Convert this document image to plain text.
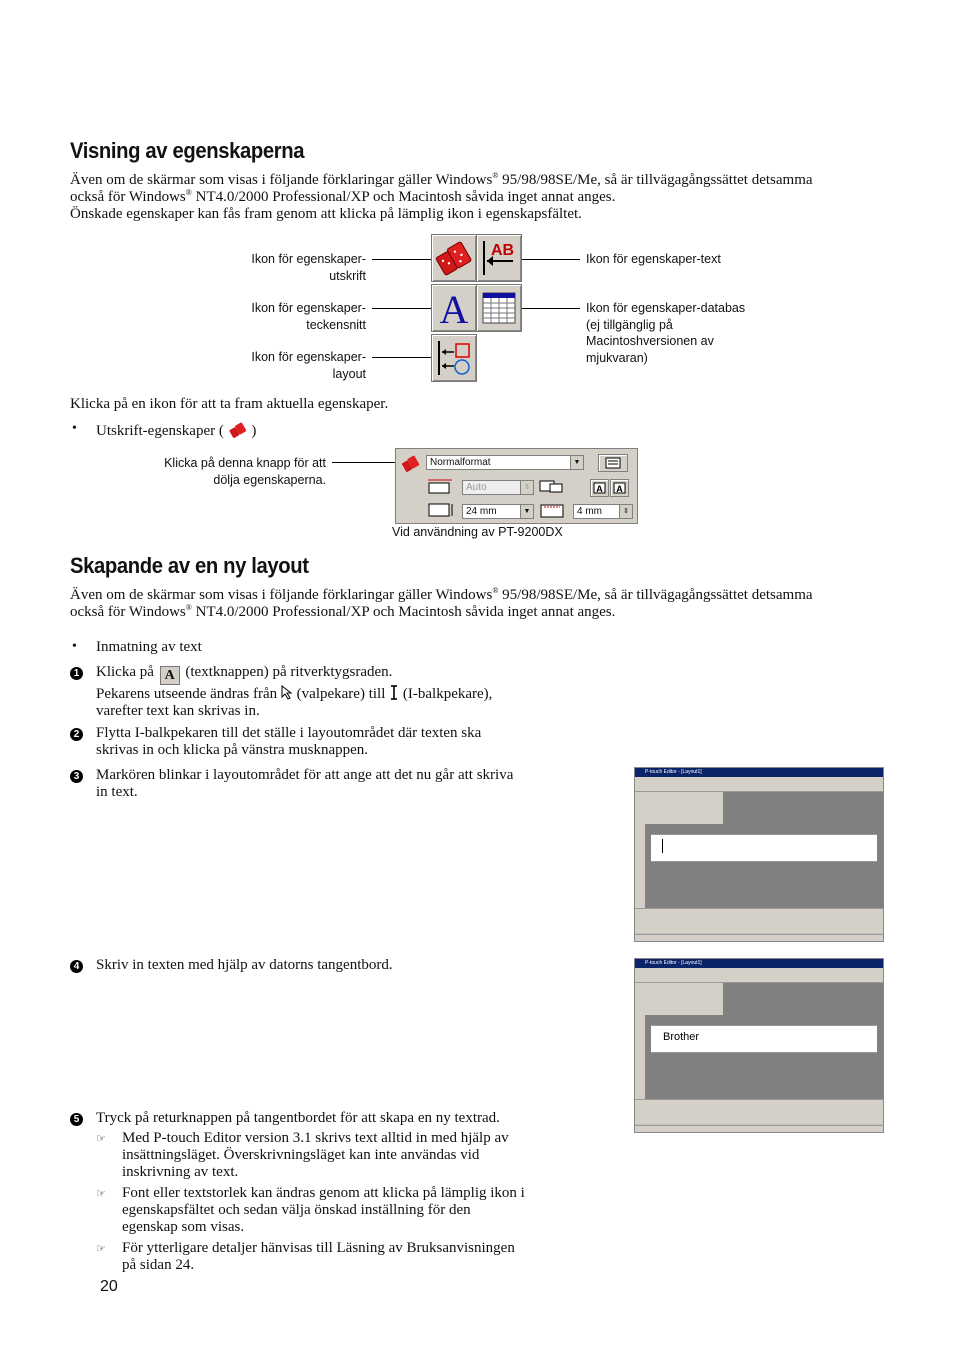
Visning av egenskaperna
Även om de skärmar som visas i följande förklaringar gäller Windows® 95/98/98SE/Me, så är tillvägagångssättet detsamma
också för Windows® NT4.0/2000 Professional/XP och Macintosh såvida inget annat anges.
Önskade egenskaper kan fås fram genom att klicka på lämplig ikon i egenskapsfältet.
Ikon för egenskaper-
utskrift
Ikon för egenskaper-
teckensnitt
Ikon för egenskaper-
layout
Ikon för egenskaper-text
Ikon för egenskaper-databas
(ej tillgänglig på
Macintoshversionen av
mjukvaran)
AB
A
Klicka på en ikon för att ta fram aktuella egenskaper.
• Utskrift-egenskaper ( )
Klicka på denna knapp för att
dölja egenskaperna.
Normalformat	▼
Auto	⇕	A A
24 mm	▼	4 mm	⇕
Vid användning av PT-9200DX
Skapande av en ny layout
Även om de skärmar som visas i följande förklaringar gäller Windows® 95/98/98SE/Me, så är tillvägagångssättet detsamma
också för Windows® NT4.0/2000 Professional/XP och Macintosh såvida inget annat anges.
• Inmatning av text
1 Klicka på A (textknappen) på ritverktygsraden.
Pekarens utseende ändras från (valpekare) till (I-balkpekare),
varefter text kan skrivas in.
2 Flytta I-balkpekaren till det ställe i layoutområdet där texten ska
skrivas in och klicka på vänstra musknappen.
3 Markören blinkar i layoutområdet för att ange att det nu går att skriva
in text.
P-touch Editor - [Layout1]
4 Skriv in texten med hjälp av datorns tangentbord.	P-touch Editor - [Layout1]
Brother
5 Tryck på returknappen på tangentbordet för att skapa en ny textrad.
☞ Med P-touch Editor version 3.1 skrivs text alltid in med hjälp av
insättningsläget. Överskrivningsläget kan inte användas vid
inskrivning av text.
☞ Font eller textstorlek kan ändras genom att klicka på lämplig ikon i
egenskapsfältet och sedan välja önskad inställning för den
egenskap som visas.
☞ För ytterligare detaljer hänvisas till Läsning av Bruksanvisningen
på sidan 24.
20
